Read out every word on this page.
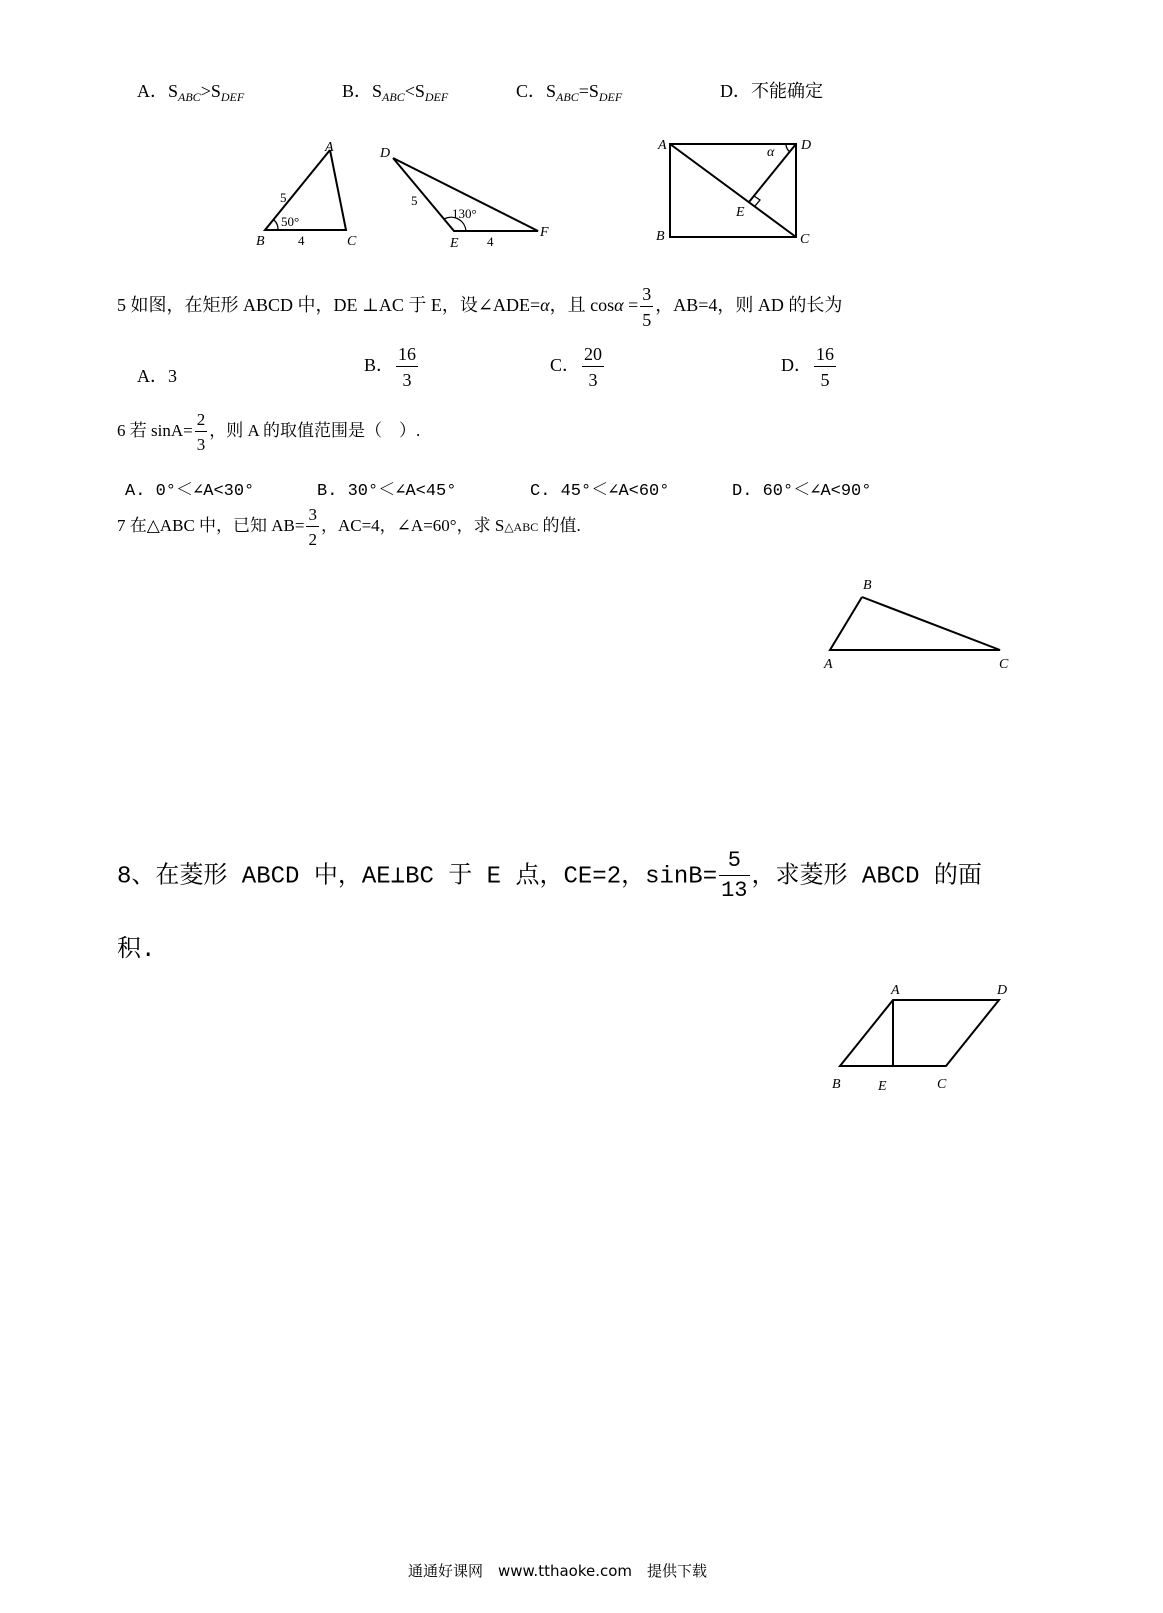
A．$S_{ABC}>S_{DEF}$	B．$S_{ABC}<S_{DEF}$	C．$S_{ABC}=S_{DEF}$	D．不能确定
A
B	C
5
4
50°
D
E
F
5
4
130°
A
B	C
D
E
α
5 如图，在矩形 ABCD 中，DE ⊥AC 于 E，设∠ADE=α，且 $\cos\alpha = \frac{3}{5}$ ，AB=4，则 AD 的长为
A．3
B． $\frac{16}{3}$	C． $\frac{20}{3}$	D． $\frac{16}{5}$
6 若 $\sin A= \frac{2}{3}$ ，则 A 的取值范围是（　）.
A. 0°＜∠A<30°	B. 30°＜∠A<45°	C. 45°＜∠A<60°	D. 60°＜∠A<90°
7 在△ABC 中，已知 $AB= \frac{3}{2}$ ，AC=4，∠A=60°，求 S△ABC 的值.
B
A	C
8、在菱形 ABCD 中，AE⊥BC 于 E 点，CE=2，$\sin B= \frac{5}{13}$ ，求菱形 ABCD 的面
积.
A	D
B	E	C
通通好课网　www.tthaoke.com　提供下载
